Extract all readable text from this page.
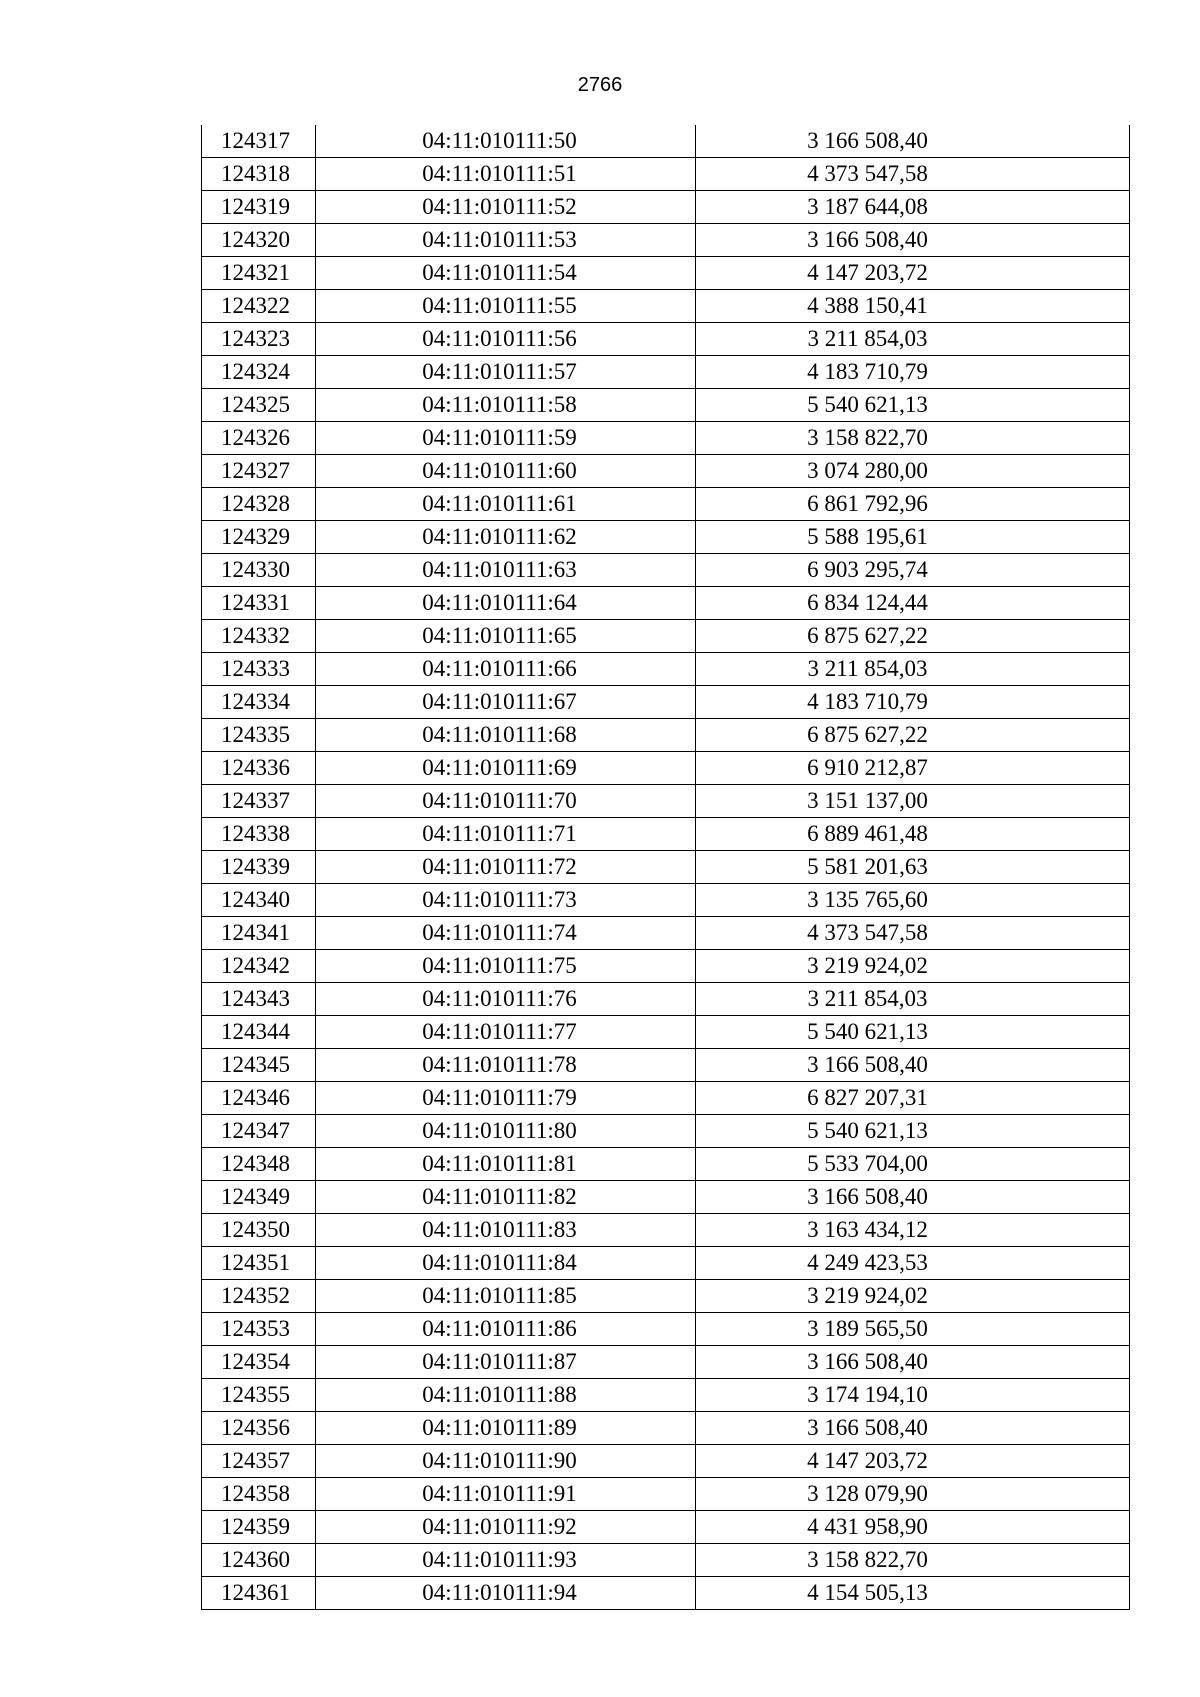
2766
124317	04:11:010111:50	3 166 508,40
124318	04:11:010111:51	4 373 547,58
124319	04:11:010111:52	3 187 644,08
124320	04:11:010111:53	3 166 508,40
124321	04:11:010111:54	4 147 203,72
124322	04:11:010111:55	4 388 150,41
124323	04:11:010111:56	3 211 854,03
124324	04:11:010111:57	4 183 710,79
124325	04:11:010111:58	5 540 621,13
124326	04:11:010111:59	3 158 822,70
124327	04:11:010111:60	3 074 280,00
124328	04:11:010111:61	6 861 792,96
124329	04:11:010111:62	5 588 195,61
124330	04:11:010111:63	6 903 295,74
124331	04:11:010111:64	6 834 124,44
124332	04:11:010111:65	6 875 627,22
124333	04:11:010111:66	3 211 854,03
124334	04:11:010111:67	4 183 710,79
124335	04:11:010111:68	6 875 627,22
124336	04:11:010111:69	6 910 212,87
124337	04:11:010111:70	3 151 137,00
124338	04:11:010111:71	6 889 461,48
124339	04:11:010111:72	5 581 201,63
124340	04:11:010111:73	3 135 765,60
124341	04:11:010111:74	4 373 547,58
124342	04:11:010111:75	3 219 924,02
124343	04:11:010111:76	3 211 854,03
124344	04:11:010111:77	5 540 621,13
124345	04:11:010111:78	3 166 508,40
124346	04:11:010111:79	6 827 207,31
124347	04:11:010111:80	5 540 621,13
124348	04:11:010111:81	5 533 704,00
124349	04:11:010111:82	3 166 508,40
124350	04:11:010111:83	3 163 434,12
124351	04:11:010111:84	4 249 423,53
124352	04:11:010111:85	3 219 924,02
124353	04:11:010111:86	3 189 565,50
124354	04:11:010111:87	3 166 508,40
124355	04:11:010111:88	3 174 194,10
124356	04:11:010111:89	3 166 508,40
124357	04:11:010111:90	4 147 203,72
124358	04:11:010111:91	3 128 079,90
124359	04:11:010111:92	4 431 958,90
124360	04:11:010111:93	3 158 822,70
124361	04:11:010111:94	4 154 505,13
